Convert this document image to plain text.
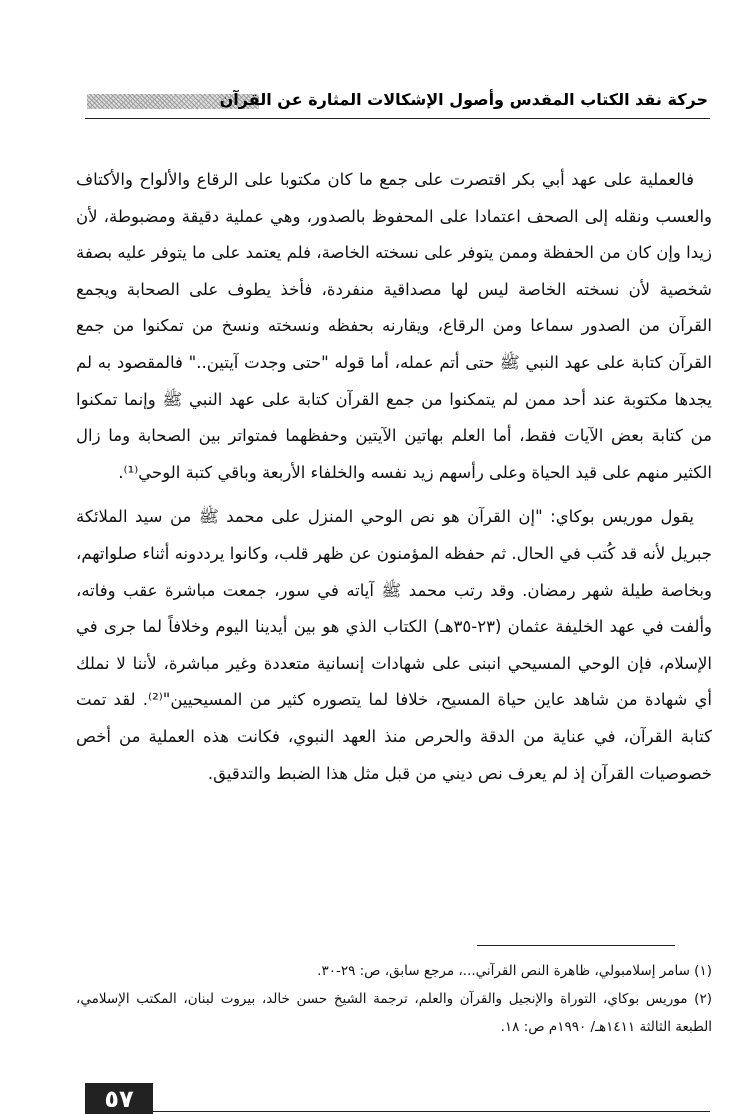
حركة نقد الكتاب المقدس وأصول الإشكالات المثارة عن القرآن

فالعملية على عهد أبي بكر اقتصرت على جمع ما كان مكتوبا على الرقاع والألواح والأكتاف والعسب ونقله إلى الصحف اعتمادا على المحفوظ بالصدور، وهي عملية دقيقة ومضبوطة، لأن زيدا وإن كان من الحفظة وممن يتوفر على نسخته الخاصة، فلم يعتمد على ما يتوفر عليه بصفة شخصية لأن نسخته الخاصة ليس لها مصداقية منفردة، فأخذ يطوف على الصحابة ويجمع القرآن من الصدور سماعا ومن الرقاع، ويقارنه بحفظه ونسخته ونسخ من تمكنوا من جمع القرآن كتابة على عهد النبي ﷺ حتى أتم عمله، أما قوله "حتى وجدت آيتين.." فالمقصود به لم يجدها مكتوبة عند أحد ممن لم يتمكنوا من جمع القرآن كتابة على عهد النبي ﷺ وإنما تمكنوا من كتابة بعض الآيات فقط، أما العلم بهاتين الآيتين وحفظهما فمتواتر بين الصحابة وما زال الكثير منهم على قيد الحياة وعلى رأسهم زيد نفسه والخلفاء الأربعة وباقي كتبة الوحي⁽¹⁾.

يقول موريس بوكاي: "إن القرآن هو نص الوحي المنزل على محمد ﷺ من سيد الملائكة جبريل لأنه قد كُتب في الحال. ثم حفظه المؤمنون عن ظهر قلب، وكانوا يرددونه أثناء صلواتهم، وبخاصة طيلة شهر رمضان. وقد رتب محمد ﷺ آياته في سور، جمعت مباشرة عقب وفاته، وألفت في عهد الخليفة عثمان (٢٣-٣٥هـ) الكتاب الذي هو بين أيدينا اليوم وخلافاً لما جرى في الإسلام، فإن الوحي المسيحي انبنى على شهادات إنسانية متعددة وغير مباشرة، لأننا لا نملك أي شهادة من شاهد عاين حياة المسيح، خلافا لما يتصوره كثير من المسيحيين"⁽²⁾. لقد تمت كتابة القرآن، في عناية من الدقة والحرص منذ العهد النبوي، فكانت هذه العملية من أخص خصوصيات القرآن إذ لم يعرف نص ديني من قبل مثل هذا الضبط والتدقيق.

(١) سامر إسلامبولي، ظاهرة النص القرآني...، مرجع سابق، ص: ٢٩-٣٠.

(٢) موريس بوكاي، التوراة والإنجيل والقرآن والعلم، ترجمة الشيخ حسن خالد، بيروت لبنان، المكتب الإسلامي، الطبعة الثالثة ١٤١١هـ/ ١٩٩٠م ص: ١٨.

٥٧
